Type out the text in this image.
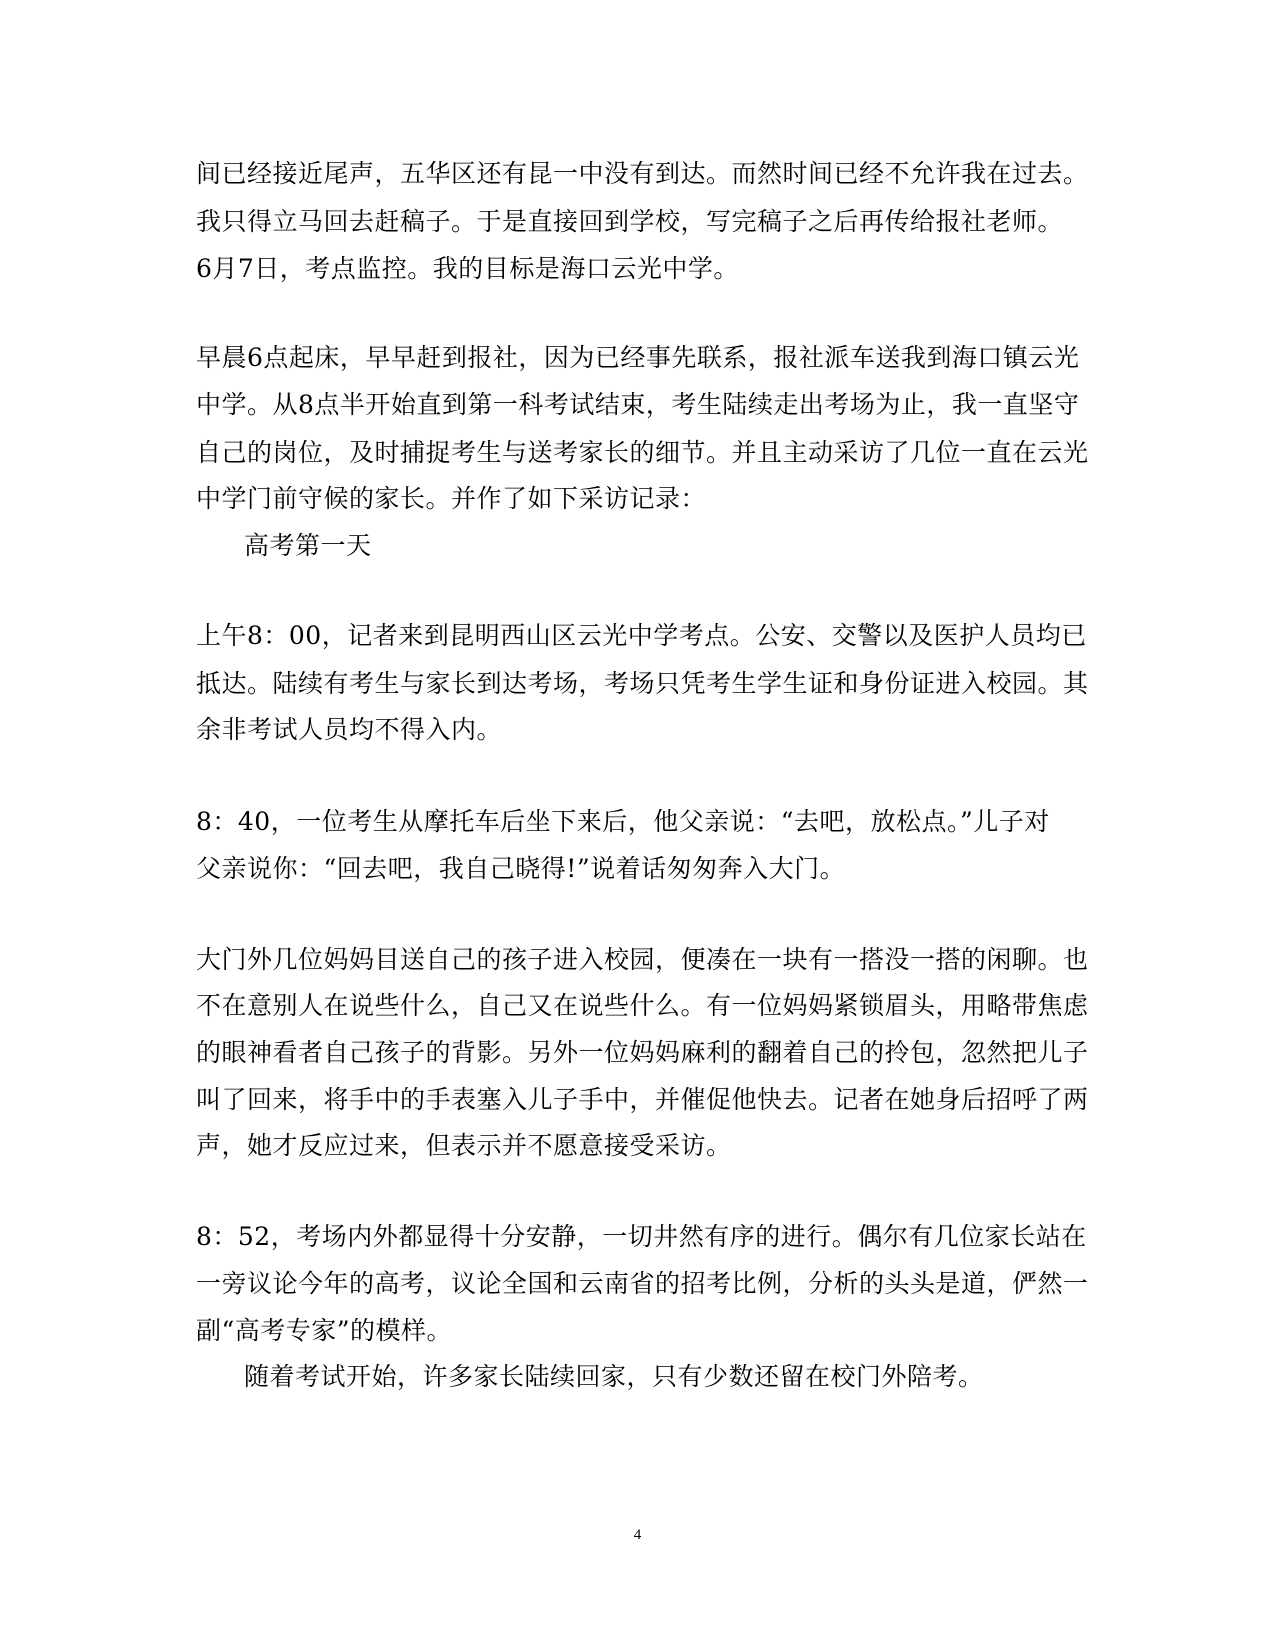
间已经接近尾声，五华区还有昆一中没有到达。而然时间已经不允许我在过去。
我只得立马回去赶稿子。于是直接回到学校，写完稿子之后再传给报社老师。
6月7日，考点监控。我的目标是海口云光中学。
早晨6点起床，早早赶到报社，因为已经事先联系，报社派车送我到海口镇云光
中学。从8点半开始直到第一科考试结束，考生陆续走出考场为止，我一直坚守
自己的岗位，及时捕捉考生与送考家长的细节。并且主动采访了几位一直在云光
中学门前守候的家长。并作了如下采访记录：
高考第一天
上午8：00，记者来到昆明西山区云光中学考点。公安、交警以及医护人员均已
抵达。陆续有考生与家长到达考场，考场只凭考生学生证和身份证进入校园。其
余非考试人员均不得入内。
8：40，一位考生从摩托车后坐下来后，他父亲说：“去吧，放松点。”儿子对
父亲说你：“回去吧，我自己晓得!”说着话匆匆奔入大门。
大门外几位妈妈目送自己的孩子进入校园，便凑在一块有一搭没一搭的闲聊。也
不在意别人在说些什么，自己又在说些什么。有一位妈妈紧锁眉头，用略带焦虑
的眼神看者自己孩子的背影。另外一位妈妈麻利的翻着自己的拎包，忽然把儿子
叫了回来，将手中的手表塞入儿子手中，并催促他快去。记者在她身后招呼了两
声，她才反应过来，但表示并不愿意接受采访。
8：52，考场内外都显得十分安静，一切井然有序的进行。偶尔有几位家长站在
一旁议论今年的高考，议论全国和云南省的招考比例，分析的头头是道，俨然一
副“高考专家”的模样。
随着考试开始，许多家长陆续回家，只有少数还留在校门外陪考。
4
